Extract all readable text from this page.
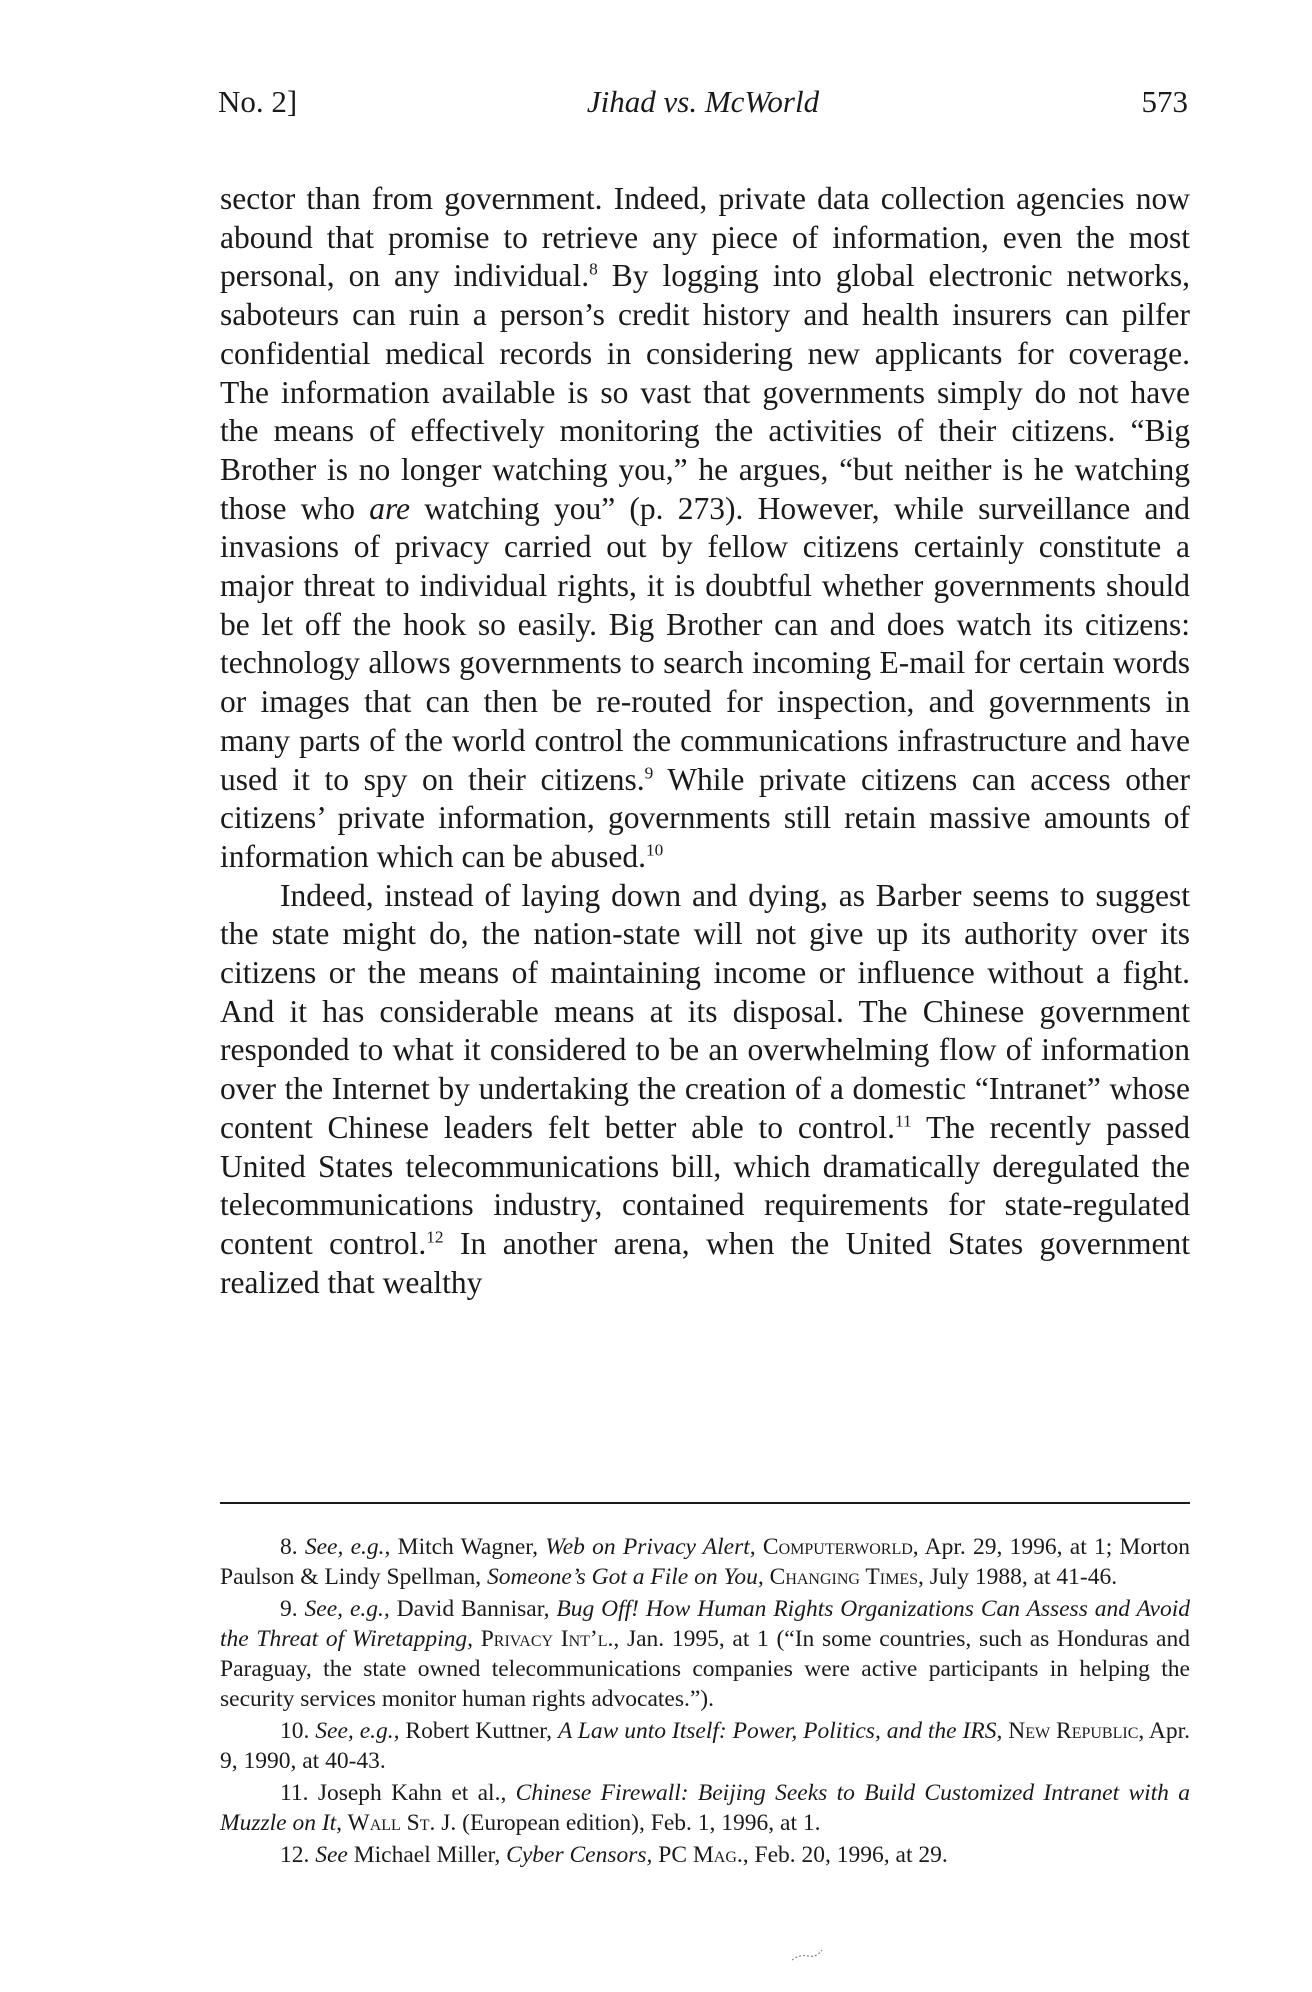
No. 2]	Jihad vs. McWorld	573

sector than from government. Indeed, private data collection agencies now abound that promise to retrieve any piece of information, even the most personal, on any individual.$^8$ By logging into global electronic networks, saboteurs can ruin a person’s credit history and health insurers can pilfer confidential medical records in considering new applicants for coverage. The information available is so vast that governments simply do not have the means of effectively monitoring the activities of their citizens. “Big Brother is no longer watching you,” he argues, “but neither is he watching those who are watching you” (p. 273). However, while surveillance and invasions of privacy carried out by fellow citizens certainly constitute a major threat to individual rights, it is doubtful whether governments should be let off the hook so easily. Big Brother can and does watch its citizens: technology allows governments to search incoming E-mail for certain words or images that can then be re-routed for inspection, and governments in many parts of the world control the communications infrastructure and have used it to spy on their citizens.$^9$ While private citizens can access other citizens’ private information, governments still retain massive amounts of information which can be abused.$^{10}$

Indeed, instead of laying down and dying, as Barber seems to suggest the state might do, the nation-state will not give up its authority over its citizens or the means of maintaining income or influence without a fight. And it has considerable means at its disposal. The Chinese government responded to what it considered to be an overwhelming flow of information over the Internet by undertaking the creation of a domestic “Intranet” whose content Chinese leaders felt better able to control.$^{11}$ The recently passed United States telecommunications bill, which dramatically deregulated the telecommunications industry, contained requirements for state-regulated content control.$^{12}$ In another arena, when the United States government realized that wealthy

8. See, e.g., Mitch Wagner, Web on Privacy Alert, Computerworld, Apr. 29, 1996, at 1; Morton Paulson & Lindy Spellman, Someone’s Got a File on You, Changing Times, July 1988, at 41-46.

9. See, e.g., David Bannisar, Bug Off! How Human Rights Organizations Can Assess and Avoid the Threat of Wiretapping, Privacy Int’l., Jan. 1995, at 1 (“In some countries, such as Honduras and Paraguay, the state owned telecommunications companies were active participants in helping the security services monitor human rights advocates.”).

10. See, e.g., Robert Kuttner, A Law unto Itself: Power, Politics, and the IRS, New Republic, Apr. 9, 1990, at 40-43.

11. Joseph Kahn et al., Chinese Firewall: Beijing Seeks to Build Customized Intranet with a Muzzle on It, Wall St. J. (European edition), Feb. 1, 1996, at 1.

12. See Michael Miller, Cyber Censors, PC Mag., Feb. 20, 1996, at 29.
